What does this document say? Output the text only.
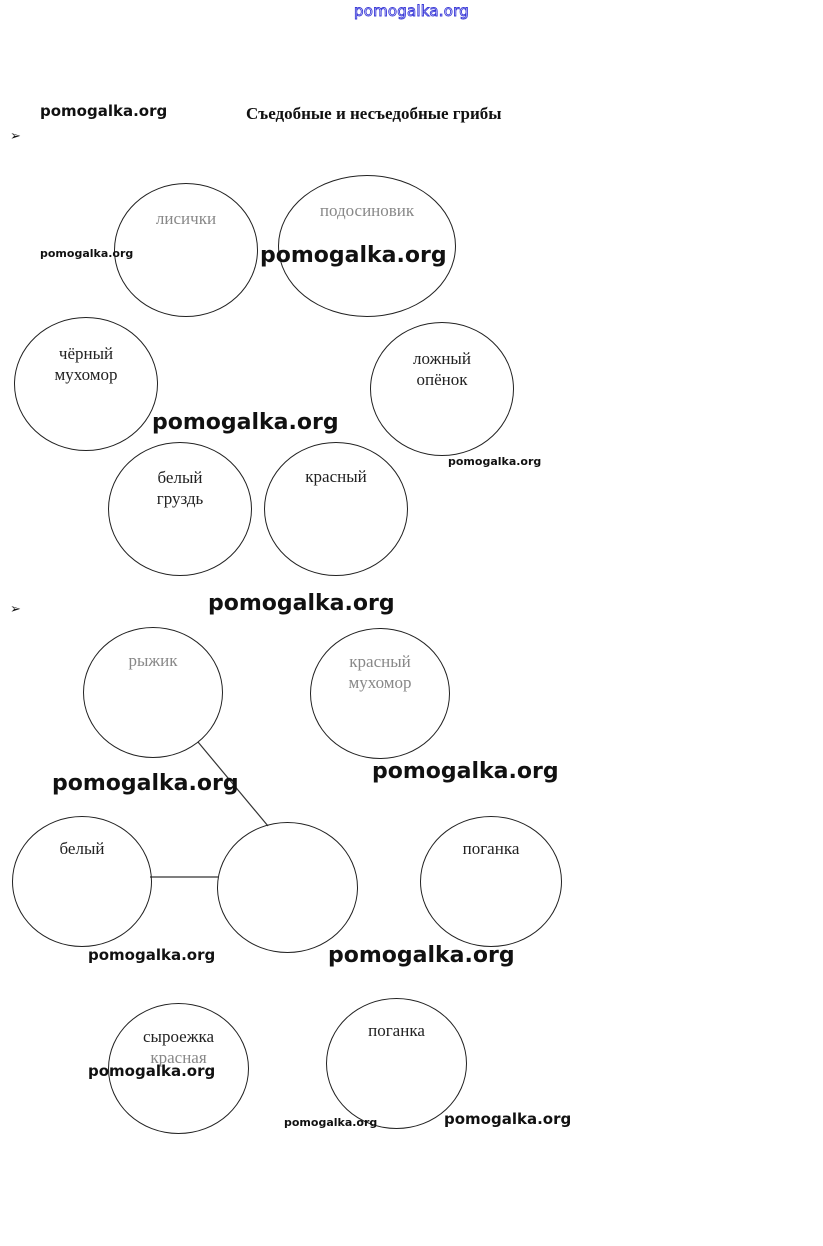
pomogalka.org
pomogalka.org	Съедобные и несъедобные грибы
➢
лисички	подосиновик
чёрный
мухомор
ложный
опёнок
белый
груздь
красный
➢
рыжик	красный
мухомор
белый	поганка
сыроежка
красная
поганка
pomogalka.org	pomogalka.org
pomogalka.org
pomogalka.org
pomogalka.org
pomogalka.org
pomogalka.org
pomogalka.org	pomogalka.org
pomogalka.org
pomogalka.org	pomogalka.org
